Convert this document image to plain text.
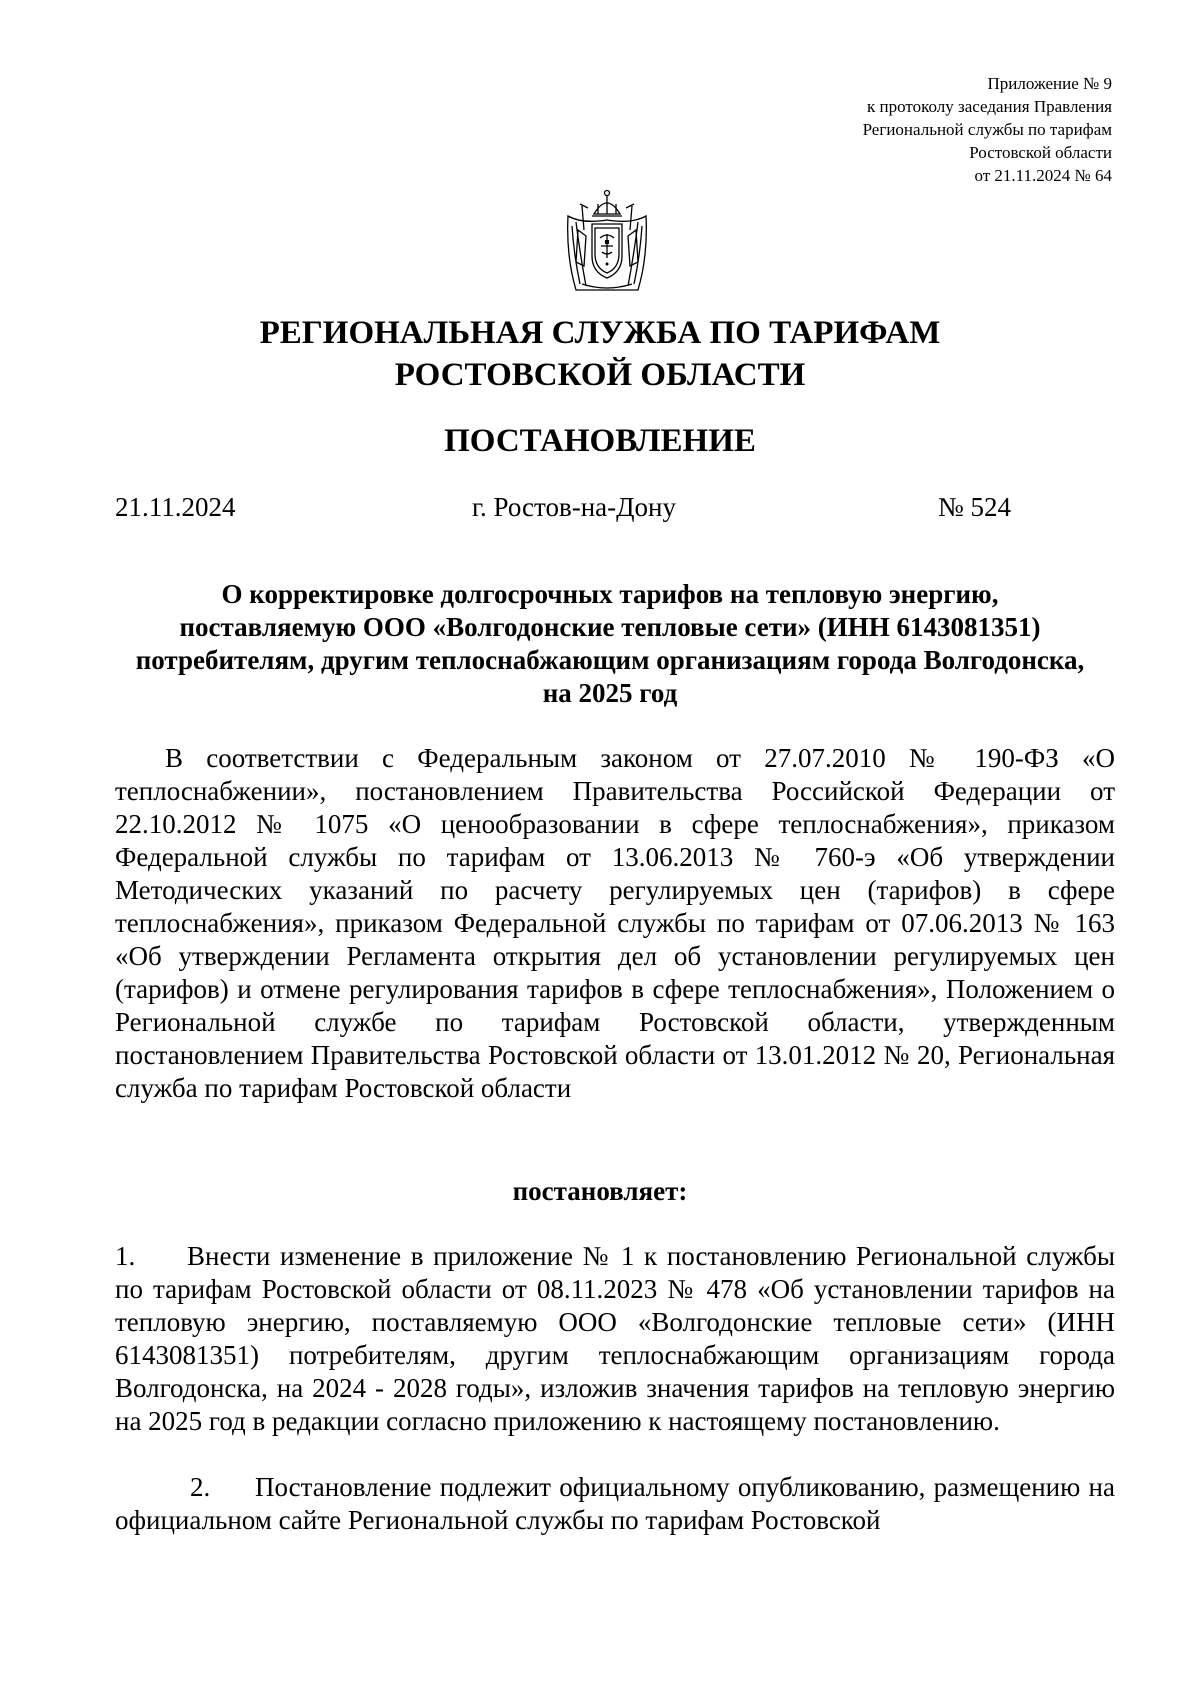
Приложение № 9
к протоколу заседания Правления
Региональной службы по тарифам
Ростовской области
от 21.11.2024 № 64
РЕГИОНАЛЬНАЯ СЛУЖБА ПО ТАРИФАМ
РОСТОВСКОЙ ОБЛАСТИ
ПОСТАНОВЛЕНИЕ
21.11.2024	г. Ростов-на-Дону	№ 524
О корректировке долгосрочных тарифов на тепловую энергию,
поставляемую ООО «Волгодонские тепловые сети» (ИНН 6143081351)
потребителям, другим теплоснабжающим организациям города Волгодонска,
на 2025 год
В соответствии с Федеральным законом от 27.07.2010 № 190-ФЗ «О теплоснабжении», постановлением Правительства Российской Федерации от 22.10.2012 № 1075 «О ценообразовании в сфере теплоснабжения», приказом Федеральной службы по тарифам от 13.06.2013 № 760-э «Об утверждении Методических указаний по расчету регулируемых цен (тарифов) в сфере теплоснабжения», приказом Федеральной службы по тарифам от 07.06.2013 № 163 «Об утверждении Регламента открытия дел об установлении регулируемых цен (тарифов) и отмене регулирования тарифов в сфере теплоснабжения», Положением о Региональной службе по тарифам Ростовской области, утвержденным постановлением Правительства Ростовской области от 13.01.2012 № 20, Региональная служба по тарифам Ростовской области
постановляет:
1. Внести изменение в приложение № 1 к постановлению Региональной службы по тарифам Ростовской области от 08.11.2023 № 478 «Об установлении тарифов на тепловую энергию, поставляемую ООО «Волгодонские тепловые сети» (ИНН 6143081351) потребителям, другим теплоснабжающим организациям города Волгодонска, на 2024 - 2028 годы», изложив значения тарифов на тепловую энергию на 2025 год в редакции согласно приложению к настоящему постановлению.
2. Постановление подлежит официальному опубликованию, размещению на официальном сайте Региональной службы по тарифам Ростовской
